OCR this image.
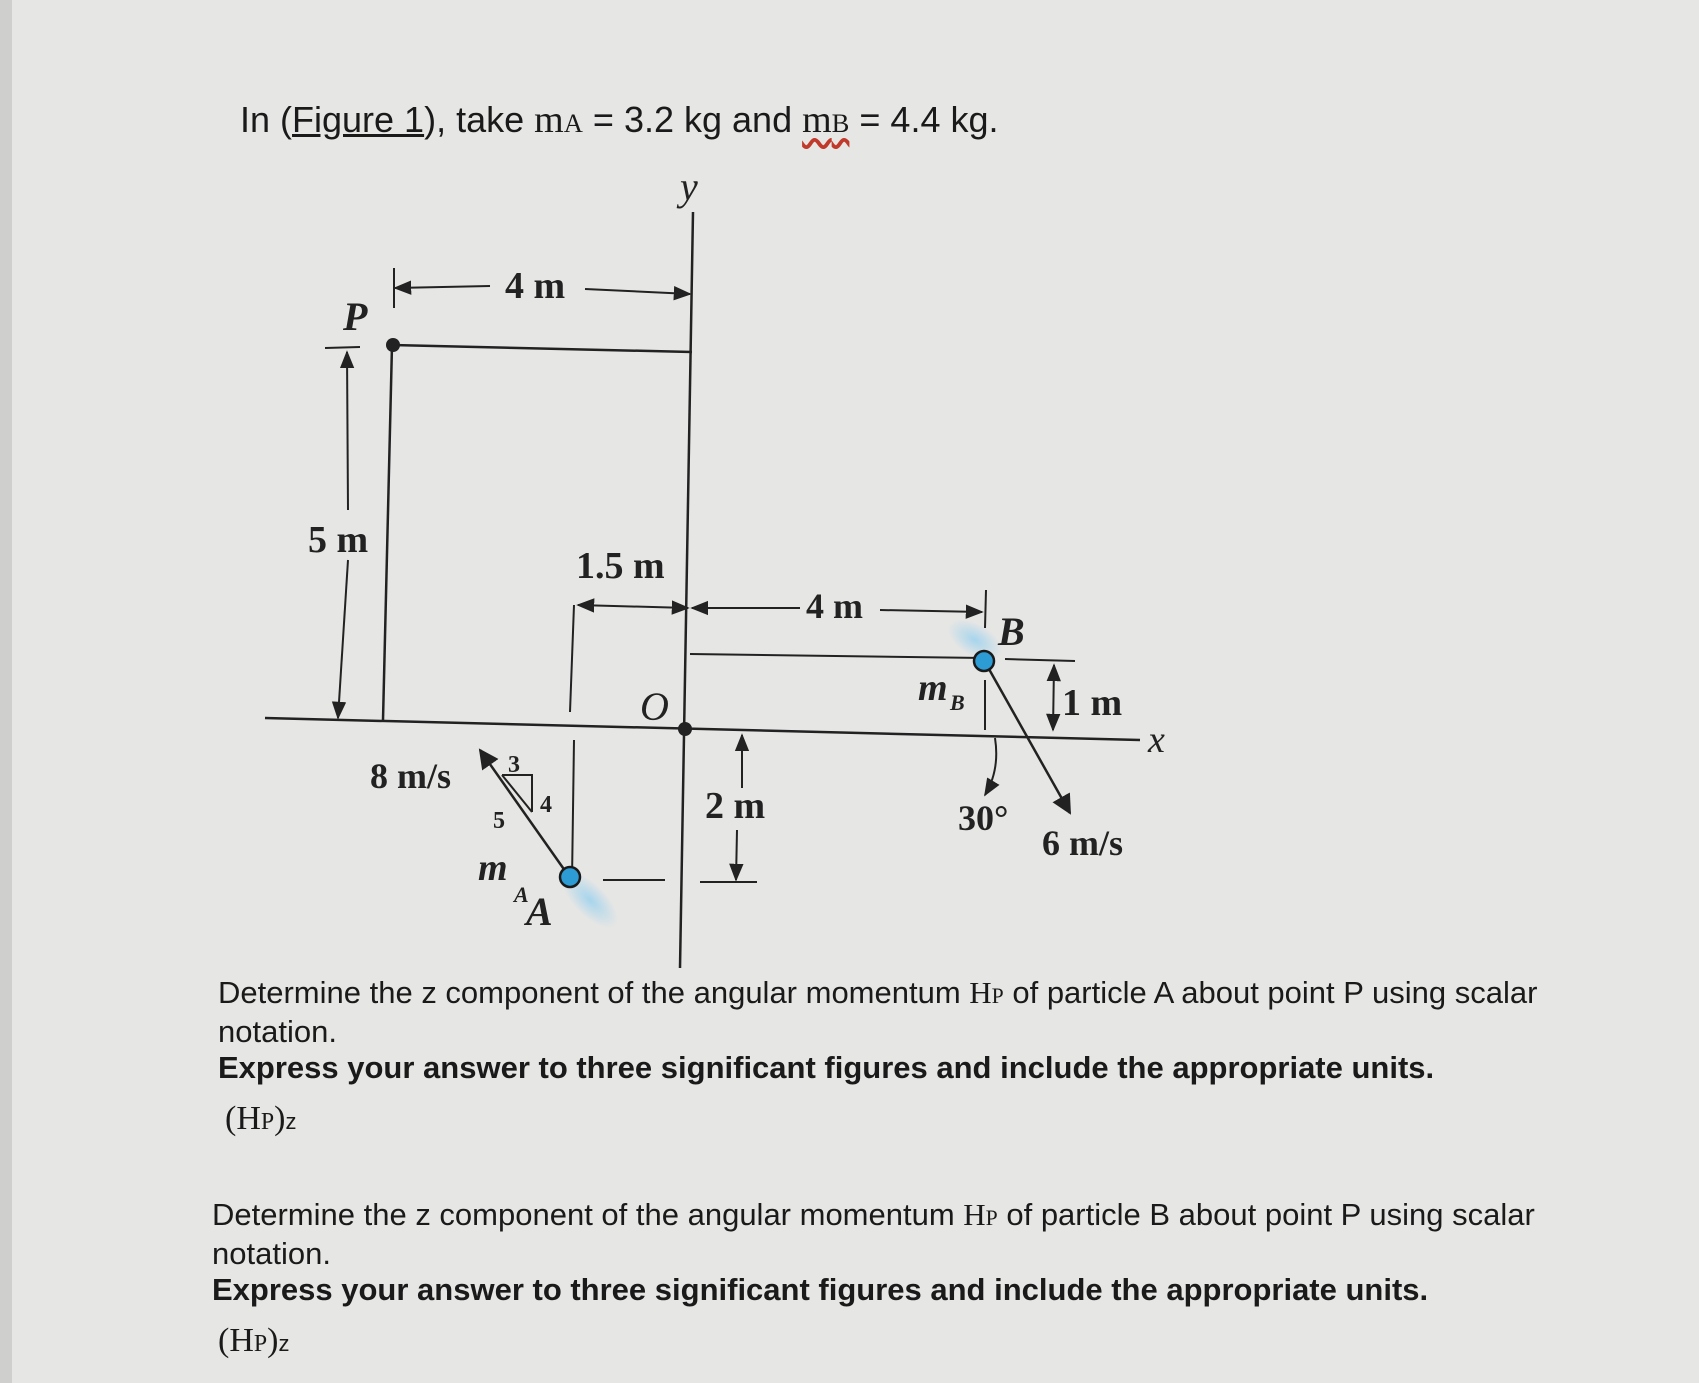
In (Figure 1), take mA = 3.2 kg and mB = 4.4 kg.
y
x
O
P
4 m
5 m
1.5 m
4 m
1 m
2 m
B
m B
30°
6 m/s
8 m/s 3
4
5
m
A
A
Determine the z component of the angular momentum HP of particle A about point P using scalar notation.
Express your answer to three significant figures and include the appropriate units.
(HP)z
Determine the z component of the angular momentum HP of particle B about point P using scalar notation.
Express your answer to three significant figures and include the appropriate units.
(HP)z
